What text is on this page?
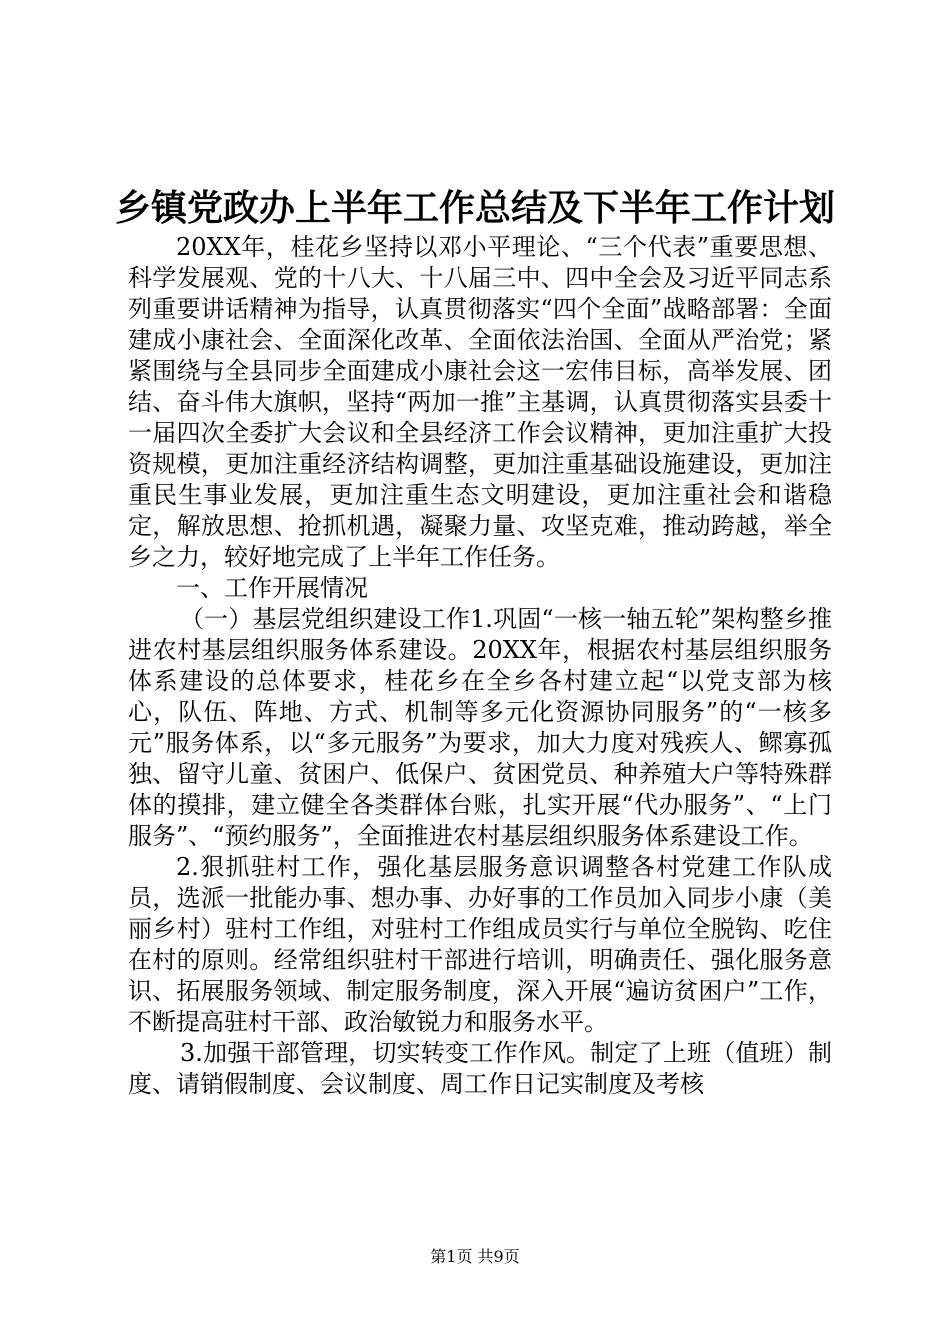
乡镇党政办上半年工作总结及下半年工作计划

20XX年，桂花乡坚持以邓小平理论、“三个代表”重要思想、科学发展观、党的十八大、十八届三中、四中全会及习近平同志系列重要讲话精神为指导，认真贯彻落实“四个全面”战略部署：全面建成小康社会、全面深化改革、全面依法治国、全面从严治党；紧紧围绕与全县同步全面建成小康社会这一宏伟目标，高举发展、团结、奋斗伟大旗帜，坚持“两加一推”主基调，认真贯彻落实县委十一届四次全委扩大会议和全县经济工作会议精神，更加注重扩大投资规模，更加注重经济结构调整，更加注重基础设施建设，更加注重民生事业发展，更加注重生态文明建设，更加注重社会和谐稳定，解放思想、抢抓机遇，凝聚力量、攻坚克难，推动跨越，举全乡之力，较好地完成了上半年工作任务。

一、工作开展情况

（一）基层党组织建设工作1.巩固“一核一轴五轮”架构整乡推进农村基层组织服务体系建设。20XX年，根据农村基层组织服务体系建设的总体要求，桂花乡在全乡各村建立起“以党支部为核心，队伍、阵地、方式、机制等多元化资源协同服务”的“一核多元”服务体系，以“多元服务”为要求，加大力度对残疾人、鳏寡孤独、留守儿童、贫困户、低保户、贫困党员、种养殖大户等特殊群体的摸排，建立健全各类群体台账，扎实开展“代办服务”、“上门服务”、“预约服务”，全面推进农村基层组织服务体系建设工作。

2.狠抓驻村工作，强化基层服务意识调整各村党建工作队成员，选派一批能办事、想办事、办好事的工作员加入同步小康（美丽乡村）驻村工作组，对驻村工作组成员实行与单位全脱钩、吃住在村的原则。经常组织驻村干部进行培训，明确责任、强化服务意识、拓展服务领域、制定服务制度，深入开展“遍访贫困户”工作，不断提高驻村干部、政治敏锐力和服务水平。

3.加强干部管理，切实转变工作作风。制定了上班（值班）制度、请销假制度、会议制度、周工作日记实制度及考核

第1页 共9页
